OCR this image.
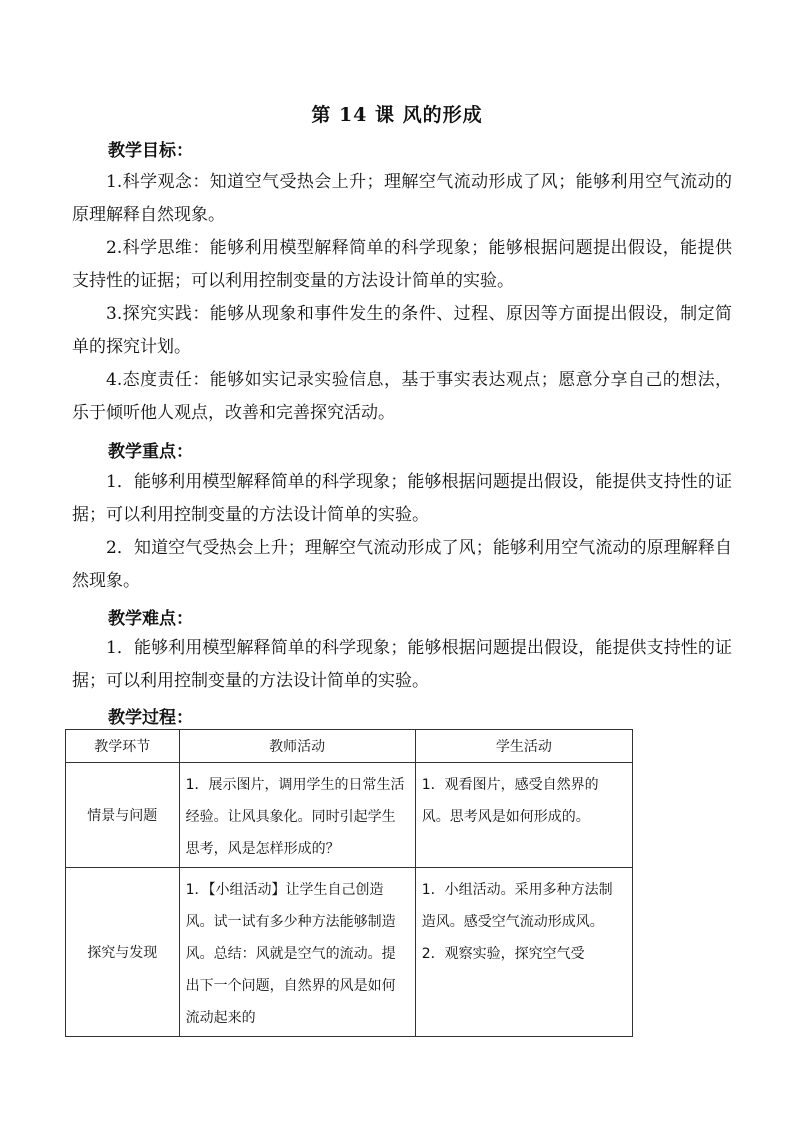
第 14 课 风的形成
教学目标：
1.科学观念：知道空气受热会上升；理解空气流动形成了风；能够利用空气流动的原理解释自然现象。
2.科学思维：能够利用模型解释简单的科学现象；能够根据问题提出假设，能提供支持性的证据；可以利用控制变量的方法设计简单的实验。
3.探究实践：能够从现象和事件发生的条件、过程、原因等方面提出假设，制定简单的探究计划。
4.态度责任：能够如实记录实验信息，基于事实表达观点；愿意分享自己的想法，乐于倾听他人观点，改善和完善探究活动。
教学重点：
1．能够利用模型解释简单的科学现象；能够根据问题提出假设，能提供支持性的证据；可以利用控制变量的方法设计简单的实验。
2．知道空气受热会上升；理解空气流动形成了风；能够利用空气流动的原理解释自然现象。
教学难点：
1．能够利用模型解释简单的科学现象；能够根据问题提出假设，能提供支持性的证据；可以利用控制变量的方法设计简单的实验。
教学过程：
教学环节	教师活动	学生活动
情景与问题	1．展示图片，调用学生的日常生活经验。让风具象化。同时引起学生思考，风是怎样形成的？	1．观看图片，感受自然界的风。思考风是如何形成的。
探究与发现	1．【小组活动】让学生自己创造风。试一试有多少种方法能够制造风。总结：风就是空气的流动。提出下一个问题，自然界的风是如何流动起来的	1．小组活动。采用多种方法制造风。感受空气流动形成风。
2．观察实验，探究空气受
